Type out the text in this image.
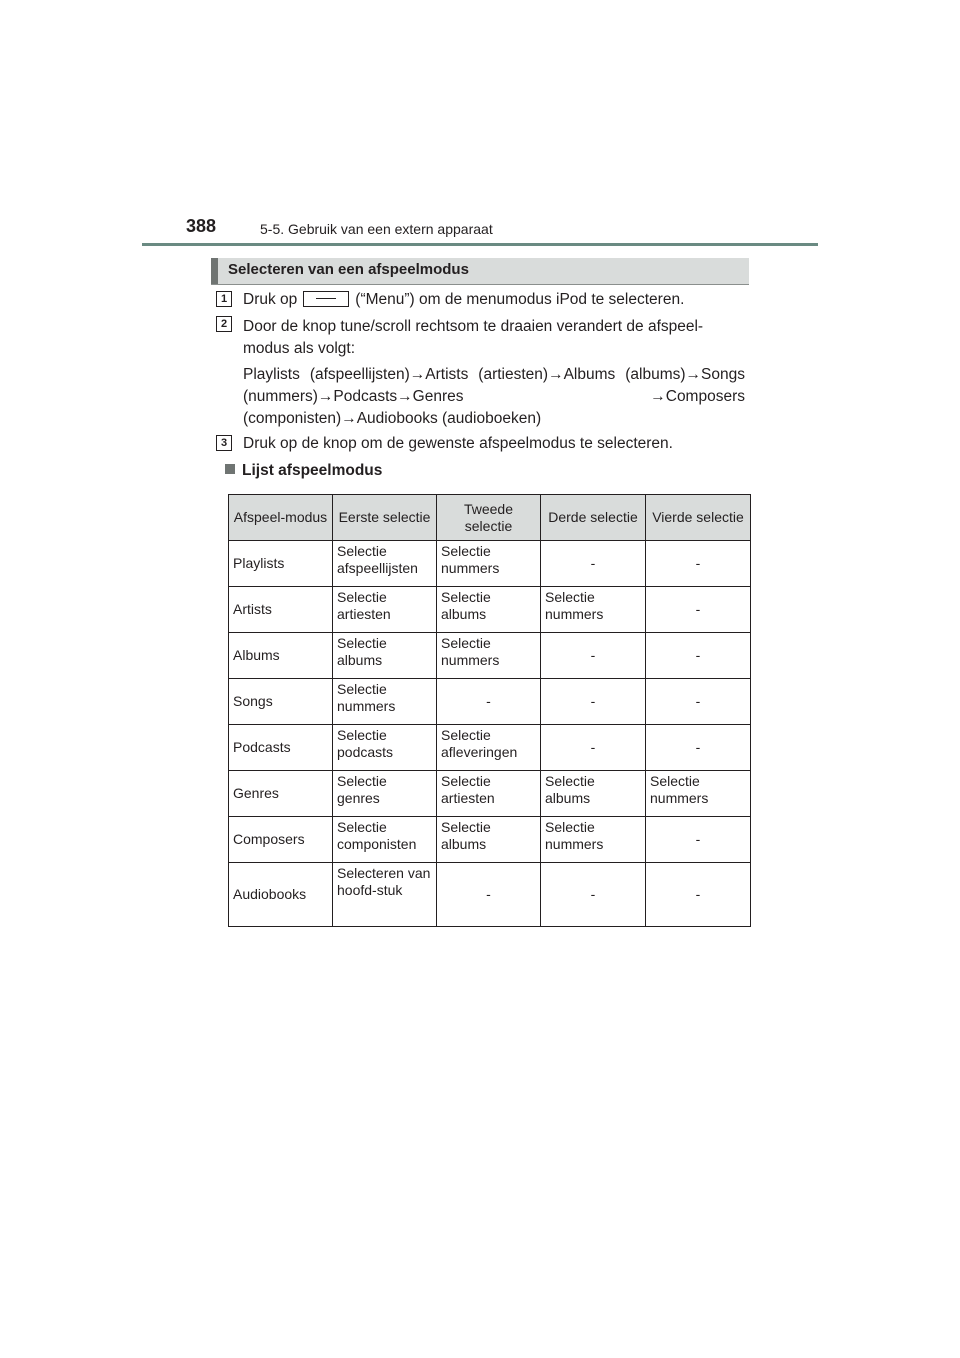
388	5-5. Gebruik van een extern apparaat
Selecteren van een afspeelmodus
1	Druk op	(“Menu”) om de menumodus iPod te selecteren.
2	Door de knop tune/scroll rechtsom te draaien verandert de afspeel-modus als volgt:
Playlists (afspeellijsten)→Artists (artiesten)→Albums (albums)→Songs (nummers)→Podcasts→Genres →Composers (componisten)→Audiobooks (audioboeken)
3	Druk op de knop om de gewenste afspeelmodus te selecteren.
Lijst afspeelmodus
Afspeel-modus	Eerste selectie	Tweede selectie	Derde selectie	Vierde selectie
Playlists	Selectie afspeellijsten	Selectie nummers	-	-
Artists	Selectie artiesten	Selectie albums	Selectie nummers	-
Albums	Selectie albums	Selectie nummers	-	-
Songs	Selectie nummers	-	-	-
Podcasts	Selectie podcasts	Selectie afleveringen	-	-
Genres	Selectie genres	Selectie artiesten	Selectie albums	Selectie nummers
Composers	Selectie componisten	Selectie albums	Selectie nummers	-
Audiobooks	Selecteren van hoofd-stuk	-	-	-
